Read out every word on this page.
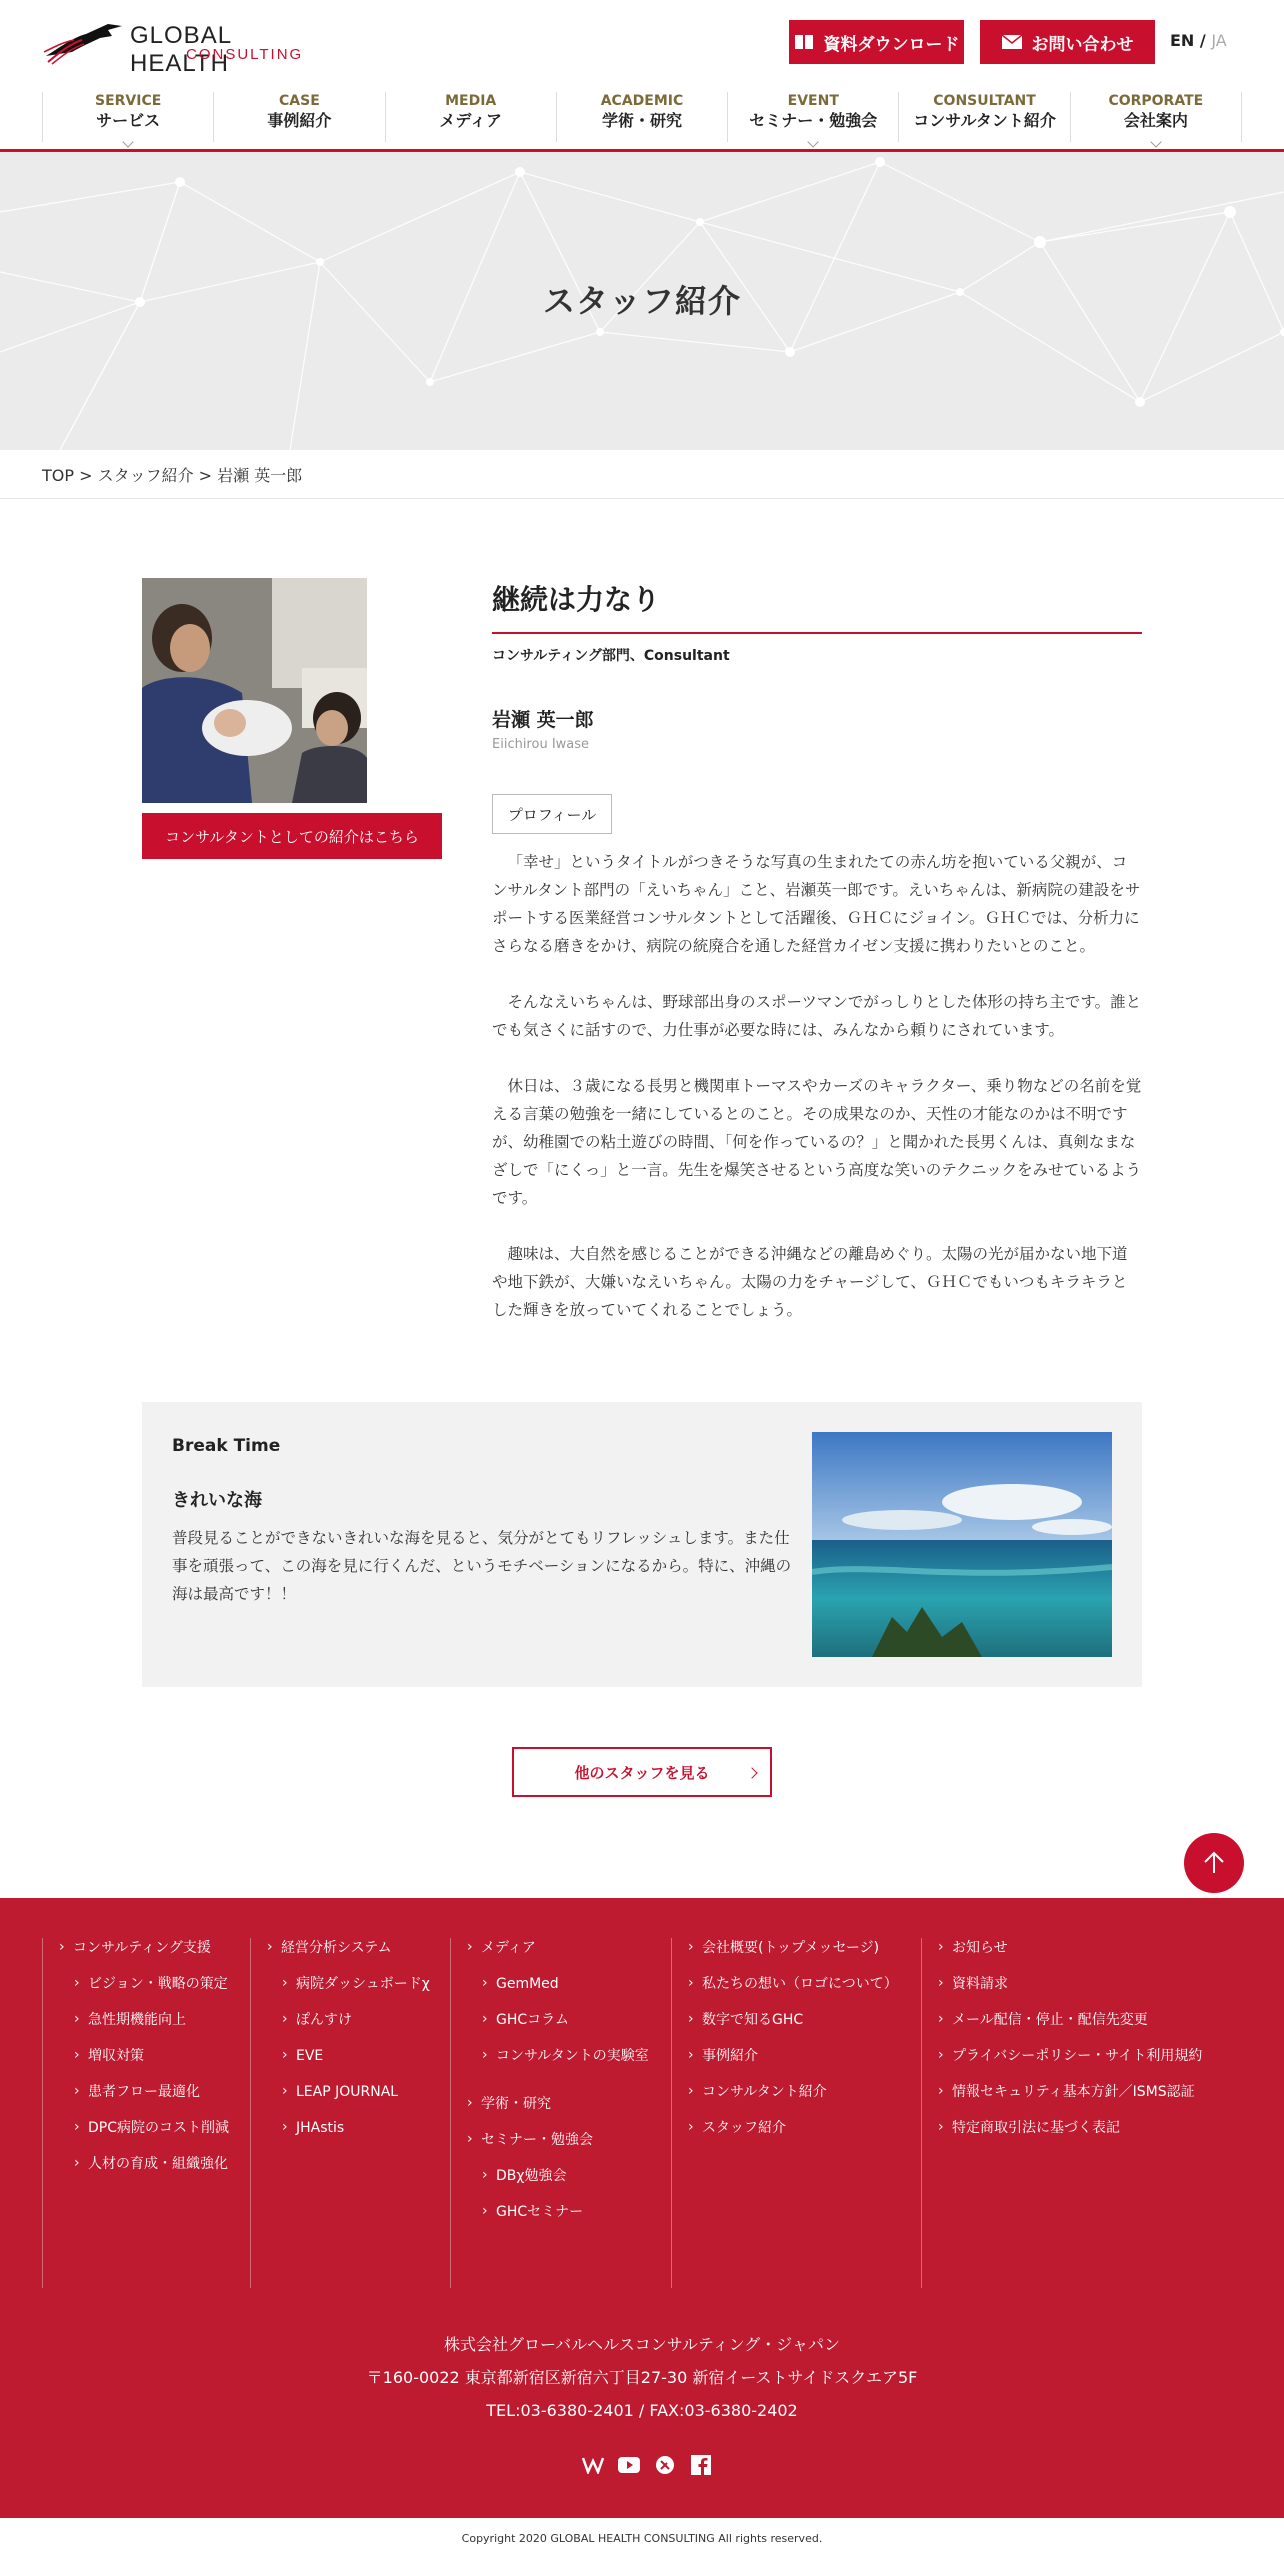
GLOBAL HEALTH
CONSULTING	資料ダウンロード	お問い合わせ EN / JA
SERVICE
サービス
CASE
事例紹介
MEDIA
メディア
ACADEMIC
学術・研究
EVENT
セミナー・勉強会
CONSULTANT
コンサルタント紹介
CORPORATE
会社案内
スタッフ紹介
TOP > スタッフ紹介 > 岩瀬 英一郎
コンサルタントとしての紹介はこちら
継続は力なり
コンサルティング部門、Consultant
岩瀬 英一郎
Eiichirou Iwase
プロフィール

「幸せ」というタイトルがつきそうな写真の生まれたての赤ん坊を抱いている父親が、コンサルタント部門の「えいちゃん」こと、岩瀬英一郎です。えいちゃんは、新病院の建設をサポートする医業経営コンサルタントとして活躍後、ＧＨＣにジョイン。ＧＨＣでは、分析力にさらなる磨きをかけ、病院の統廃合を通した経営カイゼン支援に携わりたいとのこと。

そんなえいちゃんは、野球部出身のスポーツマンでがっしりとした体形の持ち主です。誰とでも気さくに話すので、力仕事が必要な時には、みんなから頼りにされています。

休日は、３歳になる長男と機関車トーマスやカーズのキャラクター、乗り物などの名前を覚える言葉の勉強を一緒にしているとのこと。その成果なのか、天性の才能なのかは不明ですが、幼稚園での粘土遊びの時間、「何を作っているの？」と聞かれた長男くんは、真剣なまなざしで「にくっ」と一言。先生を爆笑させるという高度な笑いのテクニックをみせているようです。

趣味は、大自然を感じることができる沖縄などの離島めぐり。太陽の光が届かない地下道や地下鉄が、大嫌いなえいちゃん。太陽の力をチャージして、ＧＨＣでもいつもキラキラとした輝きを放っていてくれることでしょう。

Break Time
きれいな海
普段見ることができないきれいな海を見ると、気分がとてもリフレッシュします。また仕事を頑張って、この海を見に行くんだ、というモチベーションになるから。特に、沖縄の海は最高です！！
他のスタッフを見る
› コンサルティング支援
› ビジョン・戦略の策定
› 急性期機能向上
› 増収対策
› 患者フロー最適化
› DPC病院のコスト削減
› 人材の育成・組織強化
› 経営分析システム
› 病院ダッシュボードχ
› ぽんすけ
› EVE
› LEAP JOURNAL
› JHAstis
› メディア
› GemMed
› GHCコラム
› コンサルタントの実験室
› 学術・研究
› セミナー・勉強会
› DBχ勉強会
› GHCセミナー
› 会社概要(トップメッセージ)
› 私たちの想い（ロゴについて）
› 数字で知るGHC
› 事例紹介
› コンサルタント紹介
› スタッフ紹介
› お知らせ
› 資料請求
› メール配信・停止・配信先変更
› プライバシーポリシー・サイト利用規約
› 情報セキュリティ基本方針／ISMS認証
› 特定商取引法に基づく表記
株式会社グローバルヘルスコンサルティング・ジャパン
〒160-0022 東京都新宿区新宿六丁目27-30 新宿イーストサイドスクエア5F
TEL:03-6380-2401 / FAX:03-6380-2402
Copyright 2020 GLOBAL HEALTH CONSULTING All rights reserved.
